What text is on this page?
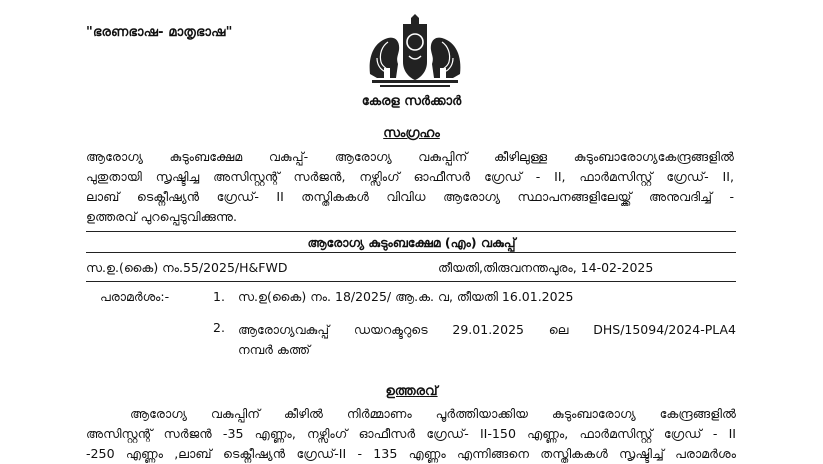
"ഭരണഭാഷ- മാതൃഭാഷ"
കേരള സർക്കാർ
സംഗ്രഹം
ആരോഗ്യ കുടുംബക്ഷേമ വകുപ്പ്- ആരോഗ്യ വകുപ്പിന് കീഴിലുള്ള കുടുംബാരോഗ്യകേന്ദ്രങ്ങളിൽ
പുതുതായി സൃഷ്ടിച്ച അസിസ്റ്റന്റ് സർജൻ, നഴ്സിംഗ് ഓഫീസർ ഗ്രേഡ് - II, ഫാർമസിസ്റ്റ് ഗ്രേഡ്- II,
ലാബ് ടെക്നീഷ്യൻ ഗ്രേഡ്- II തസ്തികകൾ വിവിധ ആരോഗ്യ സ്ഥാപനങ്ങളിലേയ്ക്ക് അനുവദിച്ച് -
ഉത്തരവ് പുറപ്പെടുവിക്കുന്നു.
ആരോഗ്യ കുടുംബക്ഷേമ (എം) വകുപ്പ്
സ.ഉ.(കൈ) നം.55/2025/H&FWD	തീയതി,തിരുവനന്തപുരം, 14-02-2025
പരാമർശം:-	1. സ.ഉ(കൈ) നം. 18/2025/ ആ.ക. വ, തീയതി 16.01.2025
2. ആരോഗ്യവകുപ്പ് ഡയറക്ടറുടെ 29.01.2025 ലെ DHS/15094/2024-PLA4
നമ്പർ കത്ത്
ഉത്തരവ്
ആരോഗ്യ വകുപ്പിന് കീഴിൽ നിർമ്മാണം പൂർത്തിയാക്കിയ കുടുംബാരോഗ്യ കേന്ദ്രങ്ങളിൽ
അസിസ്റ്റന്റ് സർജൻ -35 എണ്ണം, നഴ്സിംഗ് ഓഫീസർ ഗ്രേഡ്- II-150 എണ്ണം, ഫാർമസിസ്റ്റ് ഗ്രേഡ് - II
-250 എണ്ണം ,ലാബ് ടെക്നീഷ്യൻ ഗ്രേഡ്-II - 135 എണ്ണം എന്നിങ്ങനെ തസ്തികകൾ സൃഷ്ടിച്ച് പരാമർശം
